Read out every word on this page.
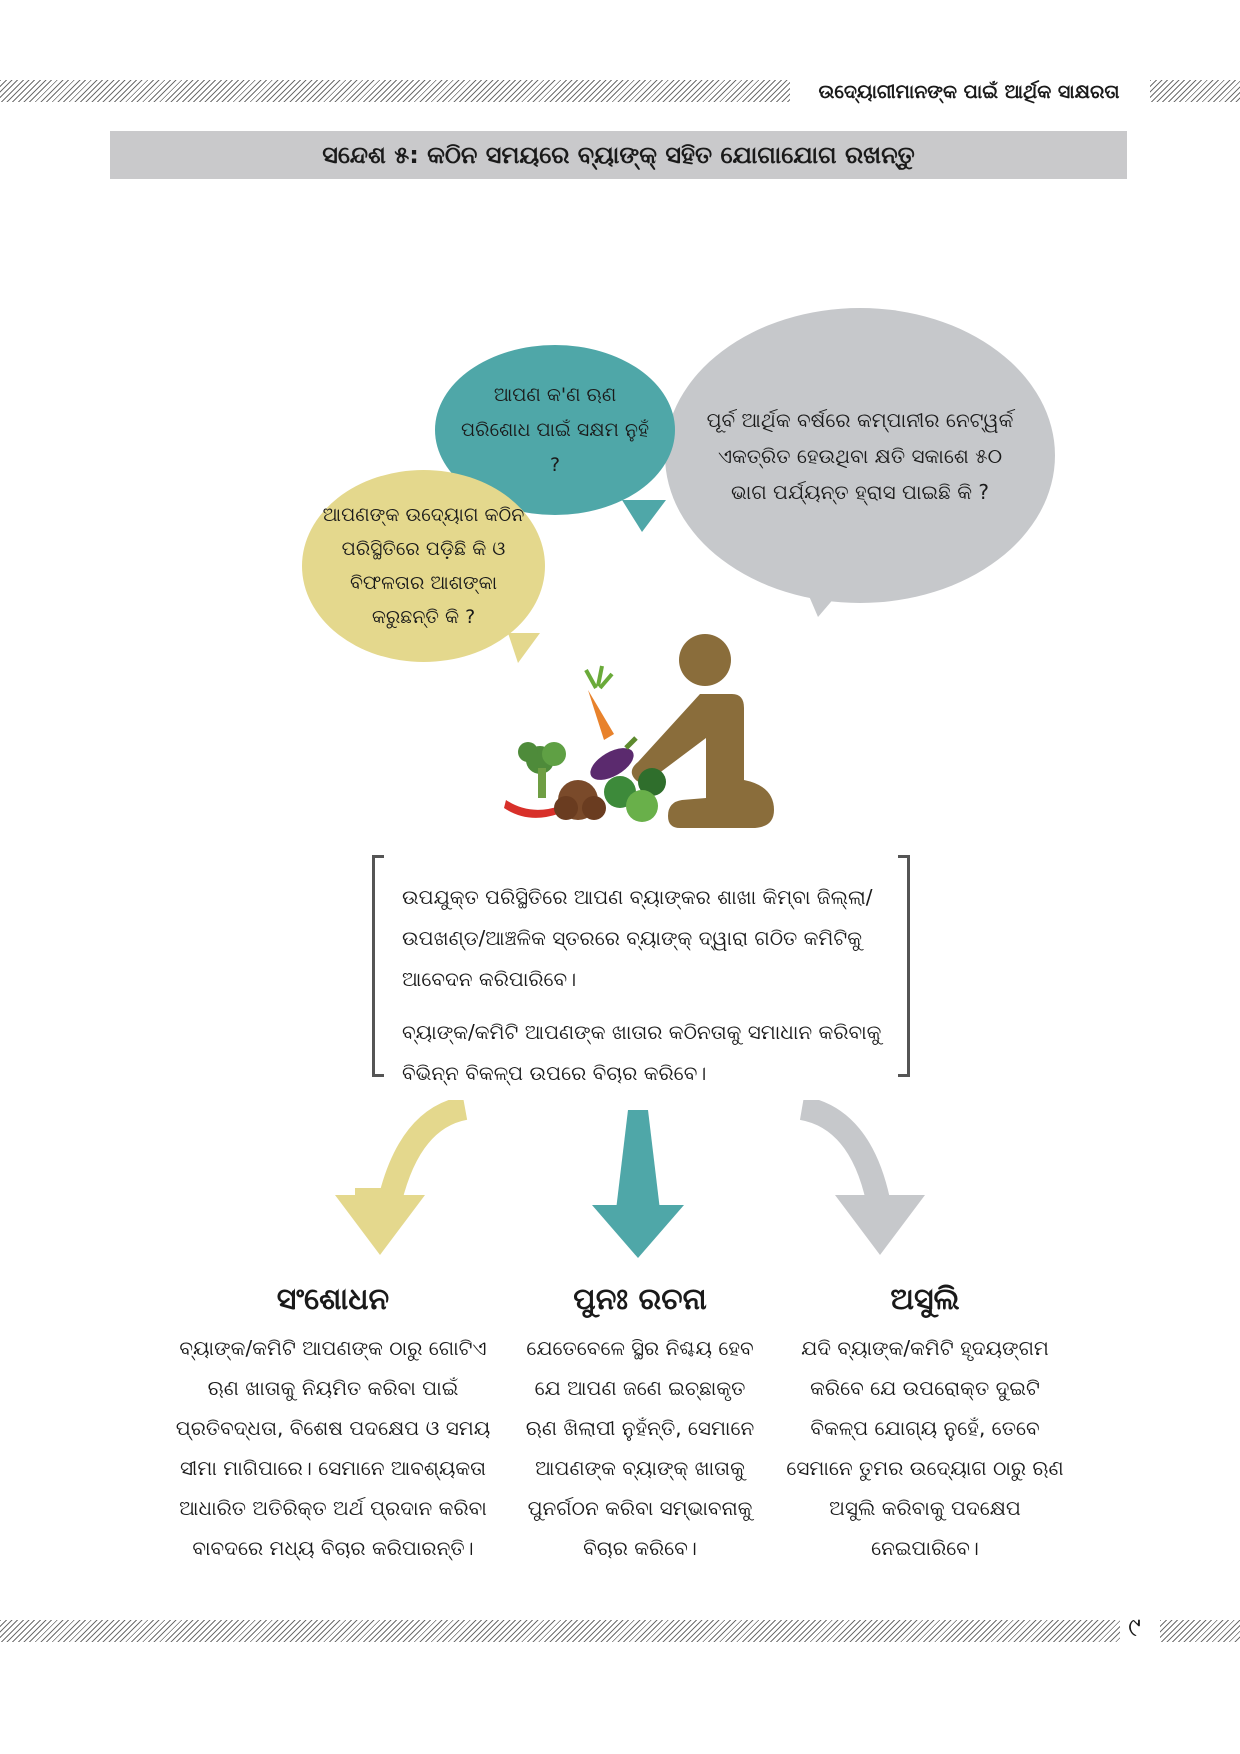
ଉଦ୍ୟୋଗୀମାନଙ୍କ ପାଇଁ ଆର୍ଥିକ ସାକ୍ଷରତା
ସନ୍ଦେଶ ୫: କଠିନ ସମୟରେ ବ୍ୟାଙ୍କ୍ ସହିତ ଯୋଗାଯୋଗ ରଖନ୍ତୁ
ପୂର୍ବ ଆର୍ଥିକ ବର୍ଷରେ କମ୍ପାନୀର ନେଟ୍‌ୱର୍କ ଏକତ୍ରିତ ହେଉଥିବା କ୍ଷତି ସକାଶେ ୫୦ ଭାଗ ପର୍ଯ୍ୟନ୍ତ ହ୍ରାସ ପାଇଛି କି ?
ଆପଣ କ'ଣ ଋଣ ପରିଶୋଧ ପାଇଁ ସକ୍ଷମ ନୁହଁ ?
ଆପଣଙ୍କ ଉଦ୍ୟୋଗ କଠିନ ପରିସ୍ଥିତିରେ ପଡ଼ିଛି କି ଓ ବିଫଳତାର ଆଶଙ୍କା କରୁଛନ୍ତି କି ?

ଉପଯୁକ୍ତ ପରିସ୍ଥିତିରେ ଆପଣ ବ୍ୟାଙ୍କର ଶାଖା କିମ୍ବା ଜିଲ୍ଲା/ଉପଖଣ୍ଡ/ଆଞ୍ଚଳିକ ସ୍ତରରେ ବ୍ୟାଙ୍କ୍ ଦ୍ୱାରା ଗଠିତ କମିଟିକୁ ଆବେଦନ କରିପାରିବେ।

ବ୍ୟାଙ୍କ/କମିଟି ଆପଣଙ୍କ ଖାତାର କଠିନତାକୁ ସମାଧାନ କରିବାକୁ ବିଭିନ୍ନ ବିକଳ୍ପ ଉପରେ ବିଚାର କରିବେ।

ସଂଶୋଧନ
ବ୍ୟାଙ୍କ/କମିଟି ଆପଣଙ୍କ ଠାରୁ ଗୋଟିଏ ଋଣ ଖାତାକୁ ନିୟମିତ କରିବା ପାଇଁ ପ୍ରତିବଦ୍ଧତା, ବିଶେଷ ପଦକ୍ଷେପ ଓ ସମୟ ସୀମା ମାଗିପାରେ। ସେମାନେ ଆବଶ୍ୟକତା ଆଧାରିତ ଅତିରିକ୍ତ ଅର୍ଥ ପ୍ରଦାନ କରିବା ବାବଦରେ ମଧ୍ୟ ବିଚାର କରିପାରନ୍ତି।
ପୁନଃ ରଚନା
ଯେତେବେଳେ ସ୍ଥିର ନିଶ୍ଚୟ ହେବ ଯେ ଆପଣ ଜଣେ ଇଚ୍ଛାକୃତ ଋଣ ଖିଲାପୀ ନୁହଁନ୍ତି, ସେମାନେ ଆପଣଙ୍କ ବ୍ୟାଙ୍କ୍ ଖାତାକୁ ପୁନର୍ଗଠନ କରିବା ସମ୍ଭାବନାକୁ ବିଚାର କରିବେ।
ଅସୁଲି
ଯଦି ବ୍ୟାଙ୍କ/କମିଟି ହୃଦୟଙ୍ଗମ କରିବେ ଯେ ଉପରୋକ୍ତ ଦୁଇଟି ବିକଳ୍ପ ଯୋଗ୍ୟ ନୁହେଁ, ତେବେ ସେମାନେ ତୁମର ଉଦ୍ୟୋଗ ଠାରୁ ଋଣ ଅସୁଲି କରିବାକୁ ପଦକ୍ଷେପ ନେଇପାରିବେ।
୯
